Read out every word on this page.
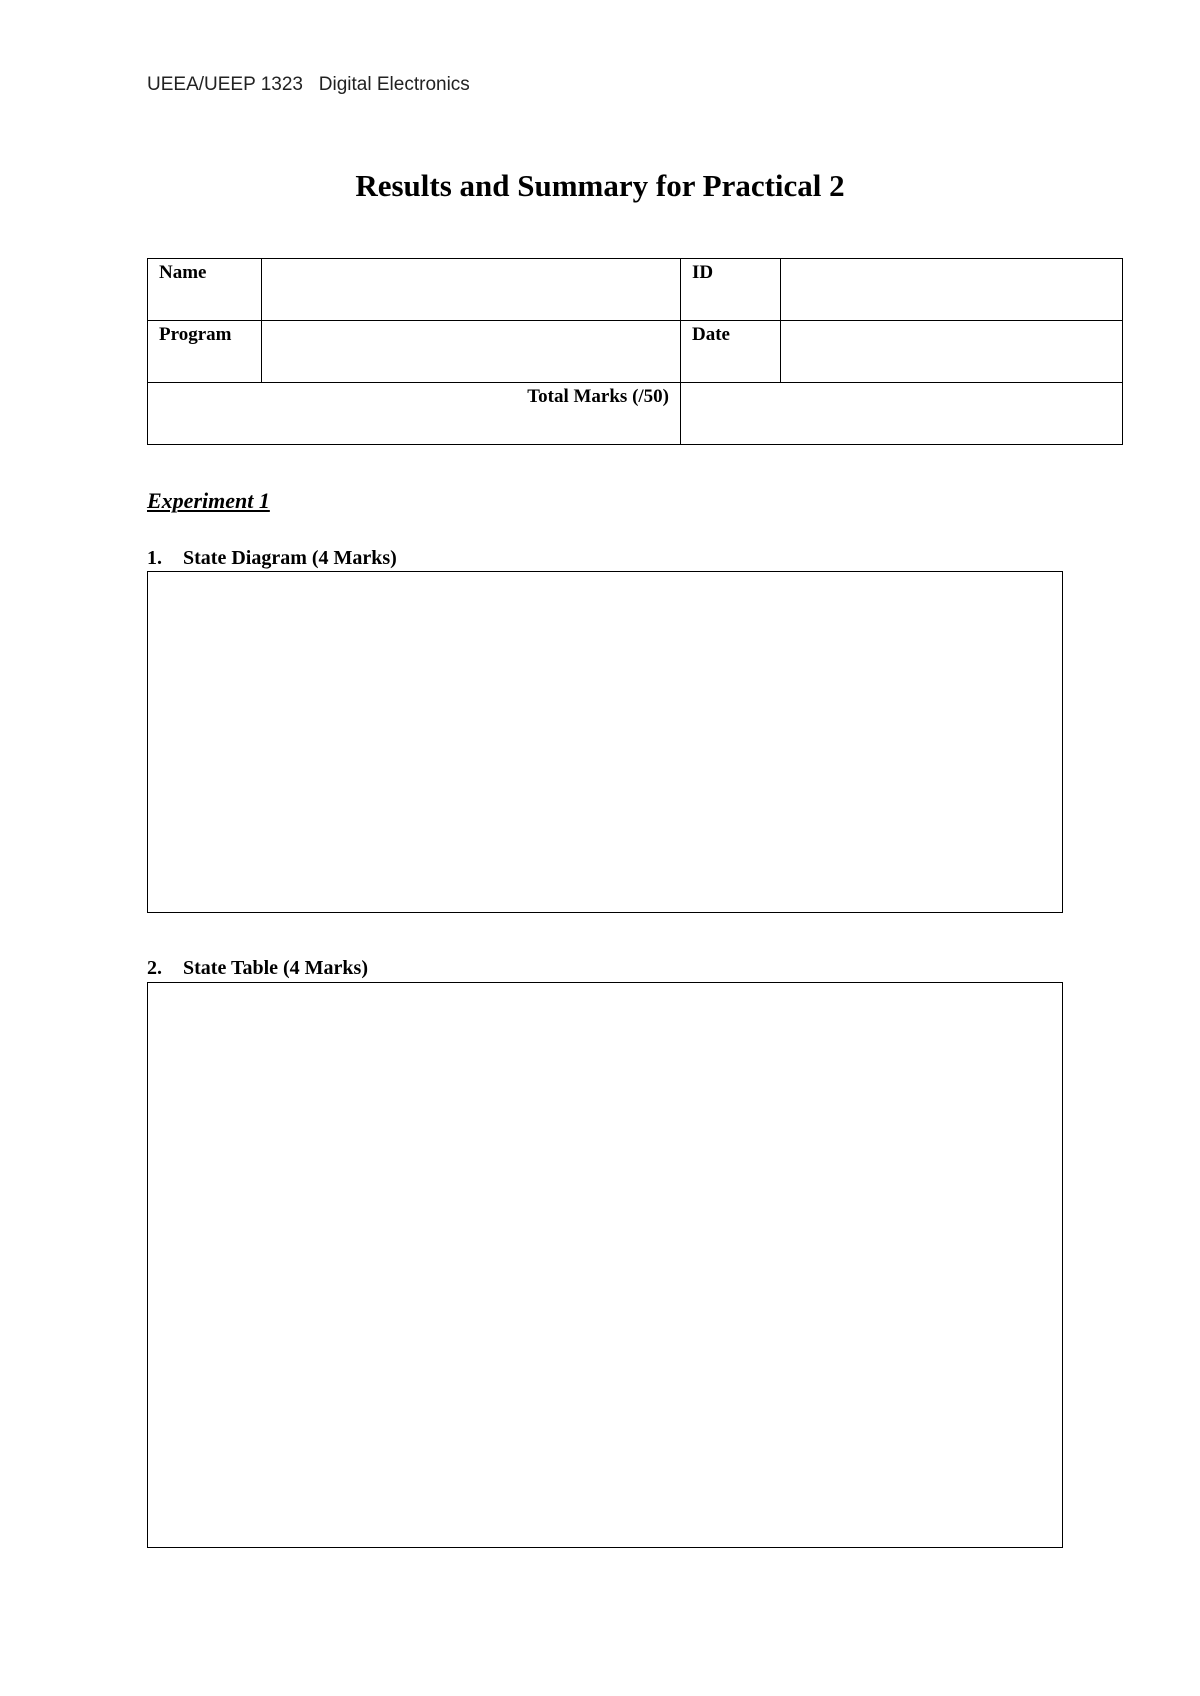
UEEA/UEEP 1323   Digital Electronics
Results and Summary for Practical 2
Name		ID	
Program		Date	
Total Marks (/50)			
Experiment 1
1. State Diagram (4 Marks)
2. State Table (4 Marks)
